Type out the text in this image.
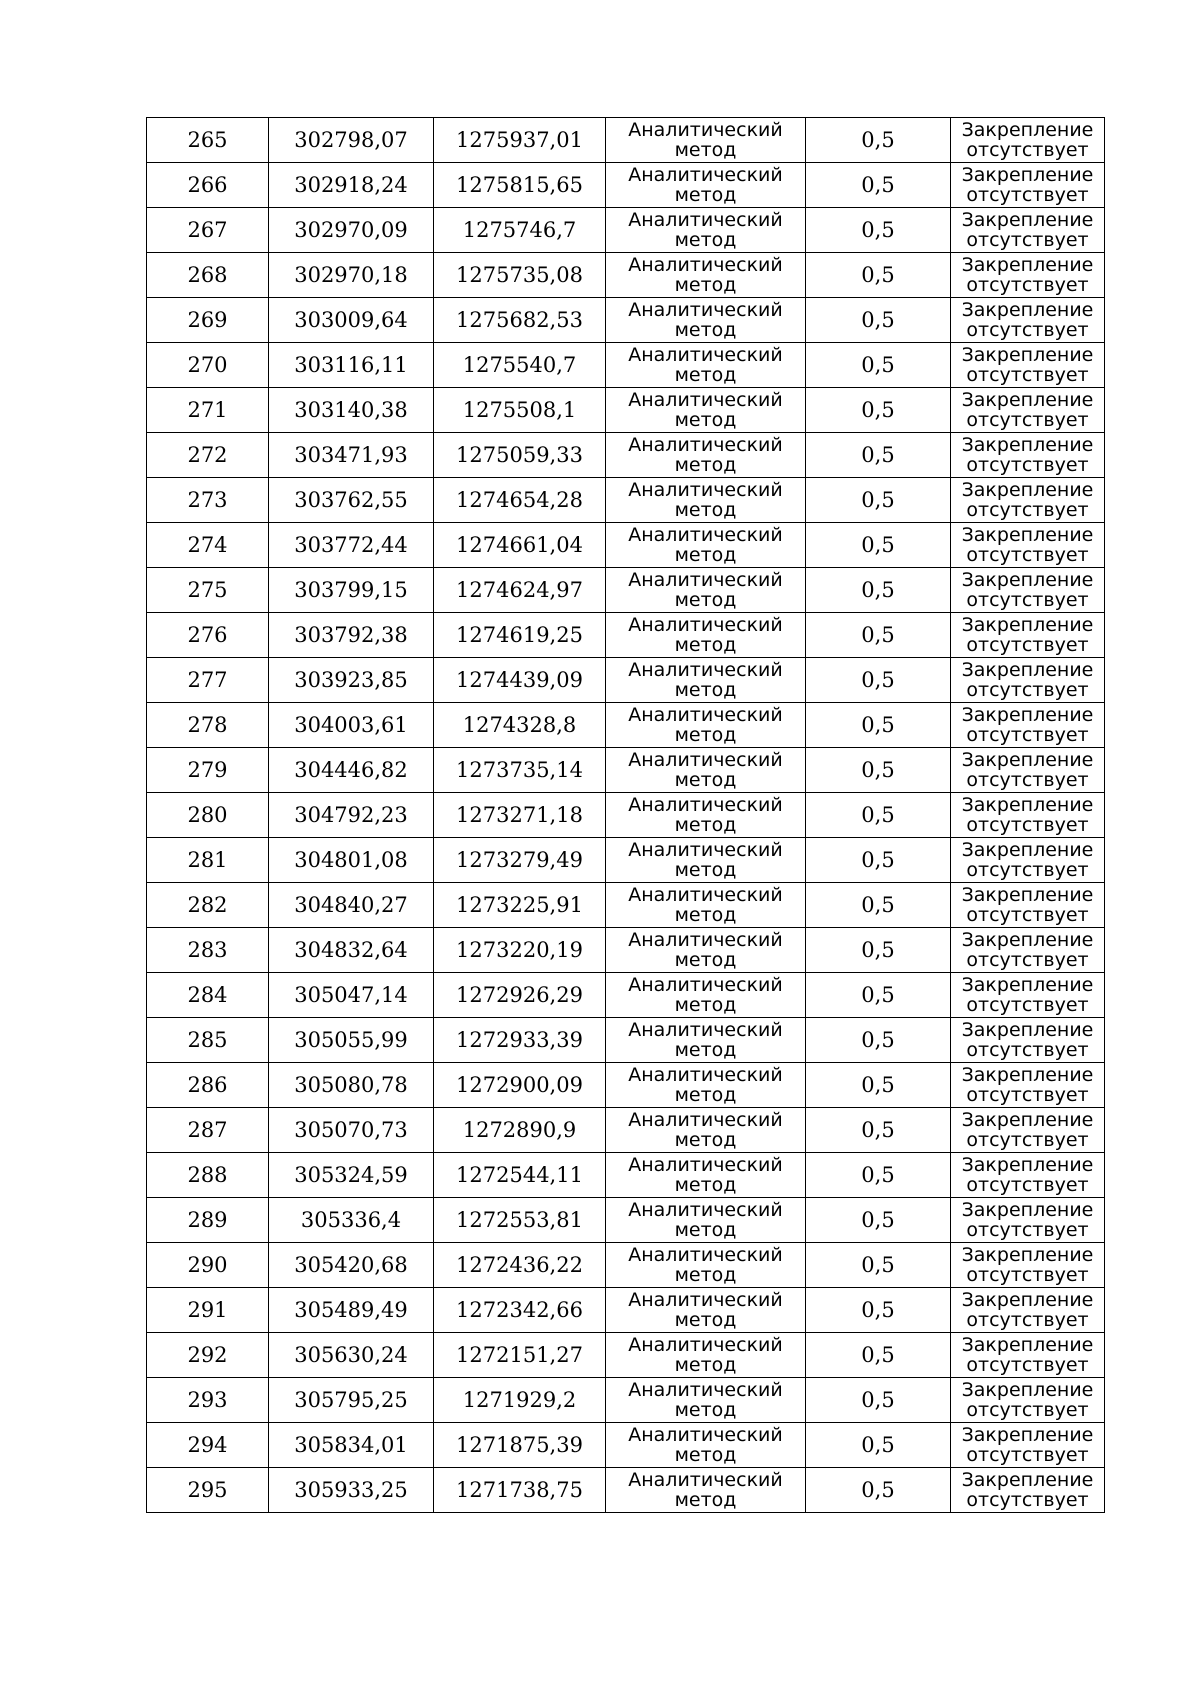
265	302798,07	1275937,01	Аналитический
метод	0,5	Закрепление
отсутствует

266	302918,24	1275815,65	Аналитический
метод	0,5	Закрепление
отсутствует

267	302970,09	1275746,7	Аналитический
метод	0,5	Закрепление
отсутствует

268	302970,18	1275735,08	Аналитический
метод	0,5	Закрепление
отсутствует

269	303009,64	1275682,53	Аналитический
метод	0,5	Закрепление
отсутствует

270	303116,11	1275540,7	Аналитический
метод	0,5	Закрепление
отсутствует

271	303140,38	1275508,1	Аналитический
метод	0,5	Закрепление
отсутствует

272	303471,93	1275059,33	Аналитический
метод	0,5	Закрепление
отсутствует

273	303762,55	1274654,28	Аналитический
метод	0,5	Закрепление
отсутствует

274	303772,44	1274661,04	Аналитический
метод	0,5	Закрепление
отсутствует

275	303799,15	1274624,97	Аналитический
метод	0,5	Закрепление
отсутствует

276	303792,38	1274619,25	Аналитический
метод	0,5	Закрепление
отсутствует

277	303923,85	1274439,09	Аналитический
метод	0,5	Закрепление
отсутствует

278	304003,61	1274328,8	Аналитический
метод	0,5	Закрепление
отсутствует

279	304446,82	1273735,14	Аналитический
метод	0,5	Закрепление
отсутствует

280	304792,23	1273271,18	Аналитический
метод	0,5	Закрепление
отсутствует

281	304801,08	1273279,49	Аналитический
метод	0,5	Закрепление
отсутствует

282	304840,27	1273225,91	Аналитический
метод	0,5	Закрепление
отсутствует

283	304832,64	1273220,19	Аналитический
метод	0,5	Закрепление
отсутствует

284	305047,14	1272926,29	Аналитический
метод	0,5	Закрепление
отсутствует

285	305055,99	1272933,39	Аналитический
метод	0,5	Закрепление
отсутствует

286	305080,78	1272900,09	Аналитический
метод	0,5	Закрепление
отсутствует

287	305070,73	1272890,9	Аналитический
метод	0,5	Закрепление
отсутствует

288	305324,59	1272544,11	Аналитический
метод	0,5	Закрепление
отсутствует

289	305336,4	1272553,81	Аналитический
метод	0,5	Закрепление
отсутствует

290	305420,68	1272436,22	Аналитический
метод	0,5	Закрепление
отсутствует

291	305489,49	1272342,66	Аналитический
метод	0,5	Закрепление
отсутствует

292	305630,24	1272151,27	Аналитический
метод	0,5	Закрепление
отсутствует

293	305795,25	1271929,2	Аналитический
метод	0,5	Закрепление
отсутствует

294	305834,01	1271875,39	Аналитический
метод	0,5	Закрепление
отсутствует

295	305933,25	1271738,75	Аналитический
метод	0,5	Закрепление
отсутствует
